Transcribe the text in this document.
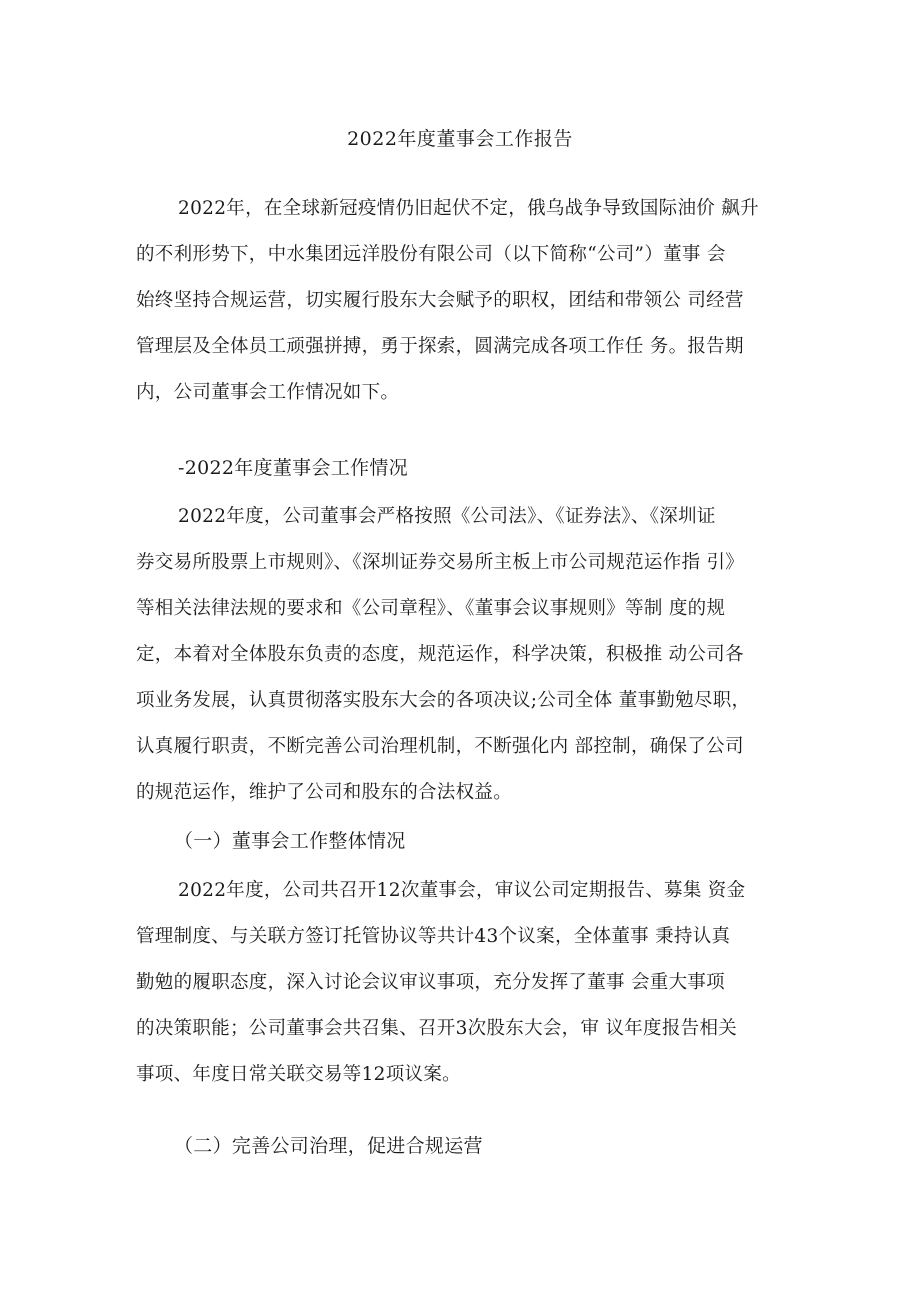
2022年度董事会工作报告
2022年，在全球新冠疫情仍旧起伏不定，俄乌战争导致国际油价 飙升
的不利形势下，中水集团远洋股份有限公司（以下简称“公司”）董事 会
始终坚持合规运营，切实履行股东大会赋予的职权，团结和带领公 司经营
管理层及全体员工顽强拼搏，勇于探索，圆满完成各项工作任 务。报告期
内，公司董事会工作情况如下。
-2022年度董事会工作情况
2022年度，公司董事会严格按照《公司法》、《证券法》、《深圳证
券交易所股票上市规则》、《深圳证券交易所主板上市公司规范运作指 引》
等相关法律法规的要求和《公司章程》、《董事会议事规则》等制 度的规
定，本着对全体股东负责的态度，规范运作，科学决策，积极推 动公司各
项业务发展，认真贯彻落实股东大会的各项决议;公司全体 董事勤勉尽职，
认真履行职责，不断完善公司治理机制，不断强化内 部控制，确保了公司
的规范运作，维护了公司和股东的合法权益。
（一）董事会工作整体情况
2022年度，公司共召开12次董事会，审议公司定期报告、募集 资金
管理制度、与关联方签订托管协议等共计43个议案，全体董事 秉持认真
勤勉的履职态度，深入讨论会议审议事项，充分发挥了董事 会重大事项
的决策职能；公司董事会共召集、召开3次股东大会，审 议年度报告相关
事项、年度日常关联交易等12项议案。
（二）完善公司治理，促进合规运营
